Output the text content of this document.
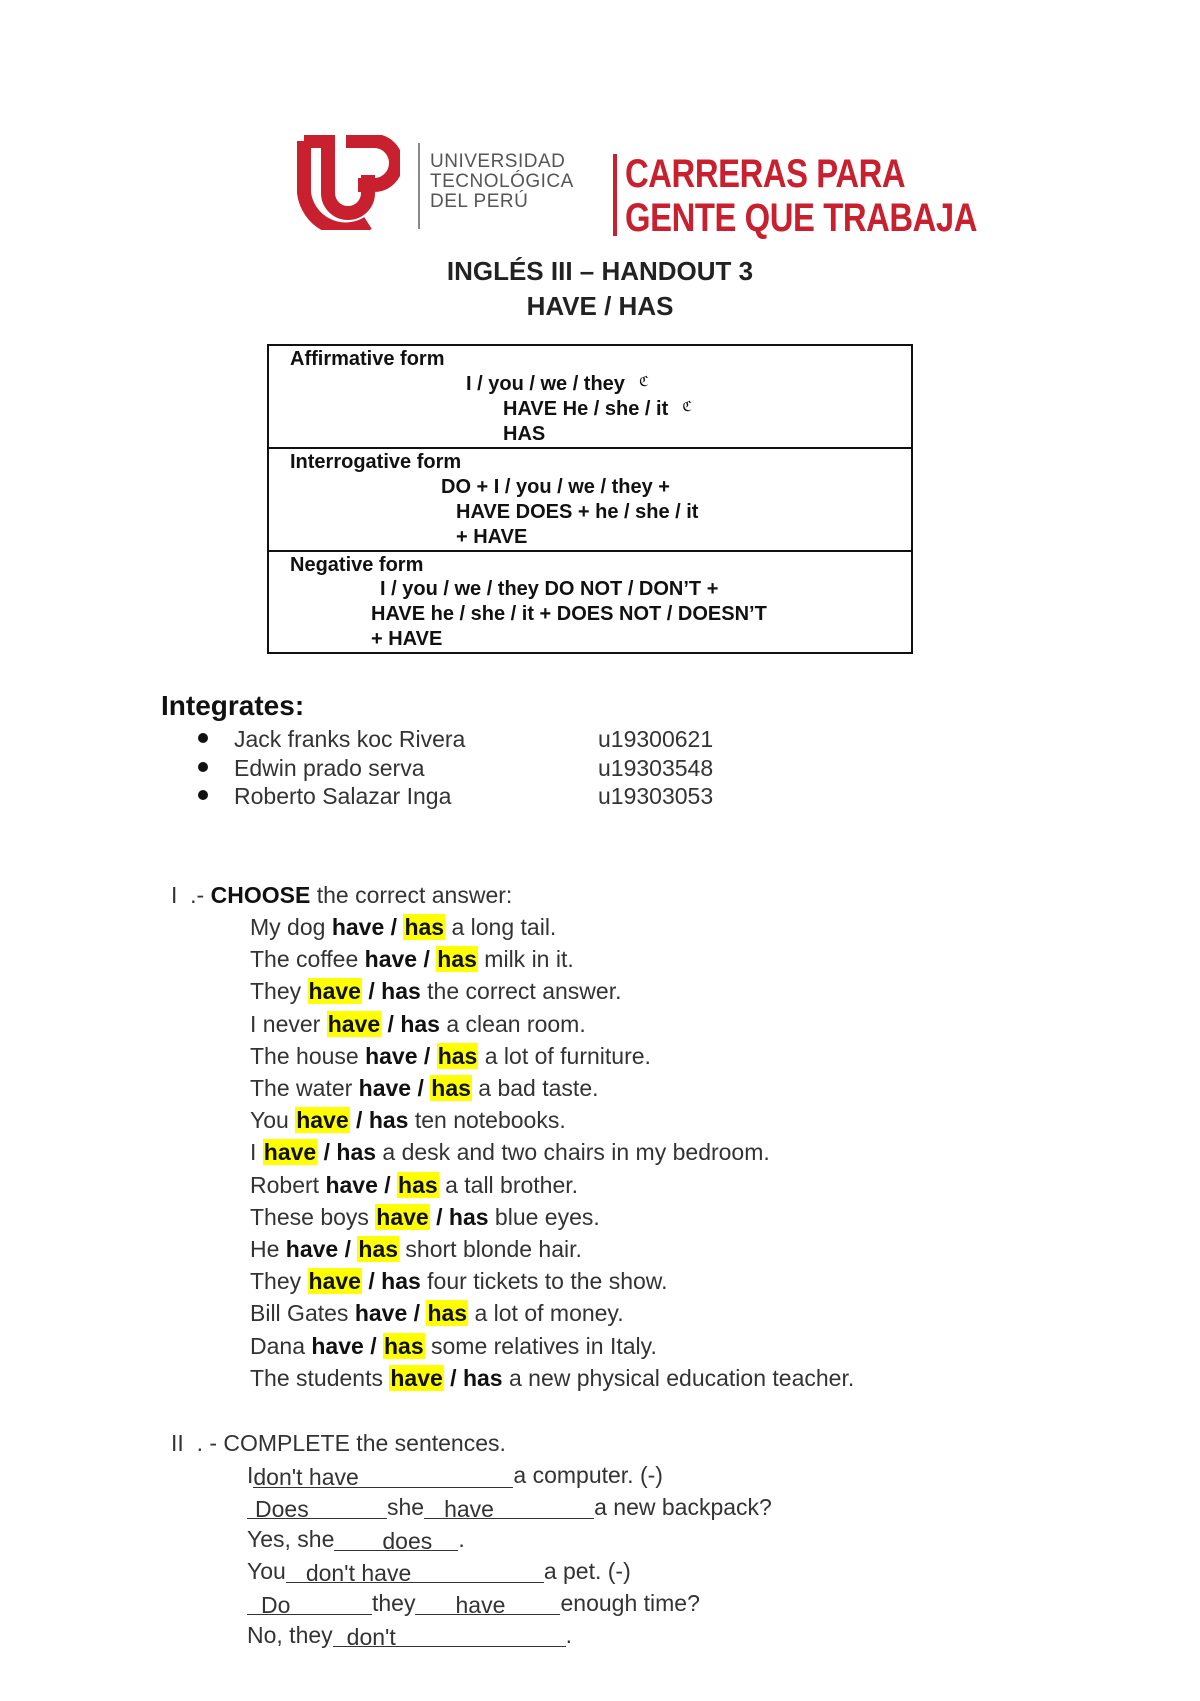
UNIVERSIDAD
TECNOLÓGICA
DEL PERÚ
CARRERAS PARA
GENTE QUE TRABAJA
INGLÉS III – HANDOUT 3
HAVE / HAS
Affirmative form
I / you / we / they $^ℭ$
HAVE He / she / it $^ℭ$
HAS
Interrogative form
DO + I / you / we / they +
HAVE DOES + he / she / it
+ HAVE
Negative form
I / you / we / they DO NOT / DON’T +
HAVE he / she / it + DOES NOT / DOESN’T
+ HAVE
Integrates:
Jack franks koc Rivera	u19300621
Edwin prado serva	u19303548
Roberto Salazar Inga	u19303053
I .- CHOOSE the correct answer:
My dog have / has a long tail.
The coffee have / has milk in it.
They have / has the correct answer.
I never have / has a clean room.
The house have / has a lot of furniture.
The water have / has a bad taste.
You have / has ten notebooks.
I have / has a desk and two chairs in my bedroom.
Robert have / has a tall brother.
These boys have / has blue eyes.
He have / has short blonde hair.
They have / has four tickets to the show.
Bill Gates have / has a lot of money.
Dana have / has some relatives in Italy.
The students have / has a new physical education teacher.
II . - COMPLETE the sentences.
Idon't have	a computer. (-)
Does	she have	a new backpack?
Yes, she does .
You don't have	a pet. (-)
Do	they have enough time?
No, they don't	.
